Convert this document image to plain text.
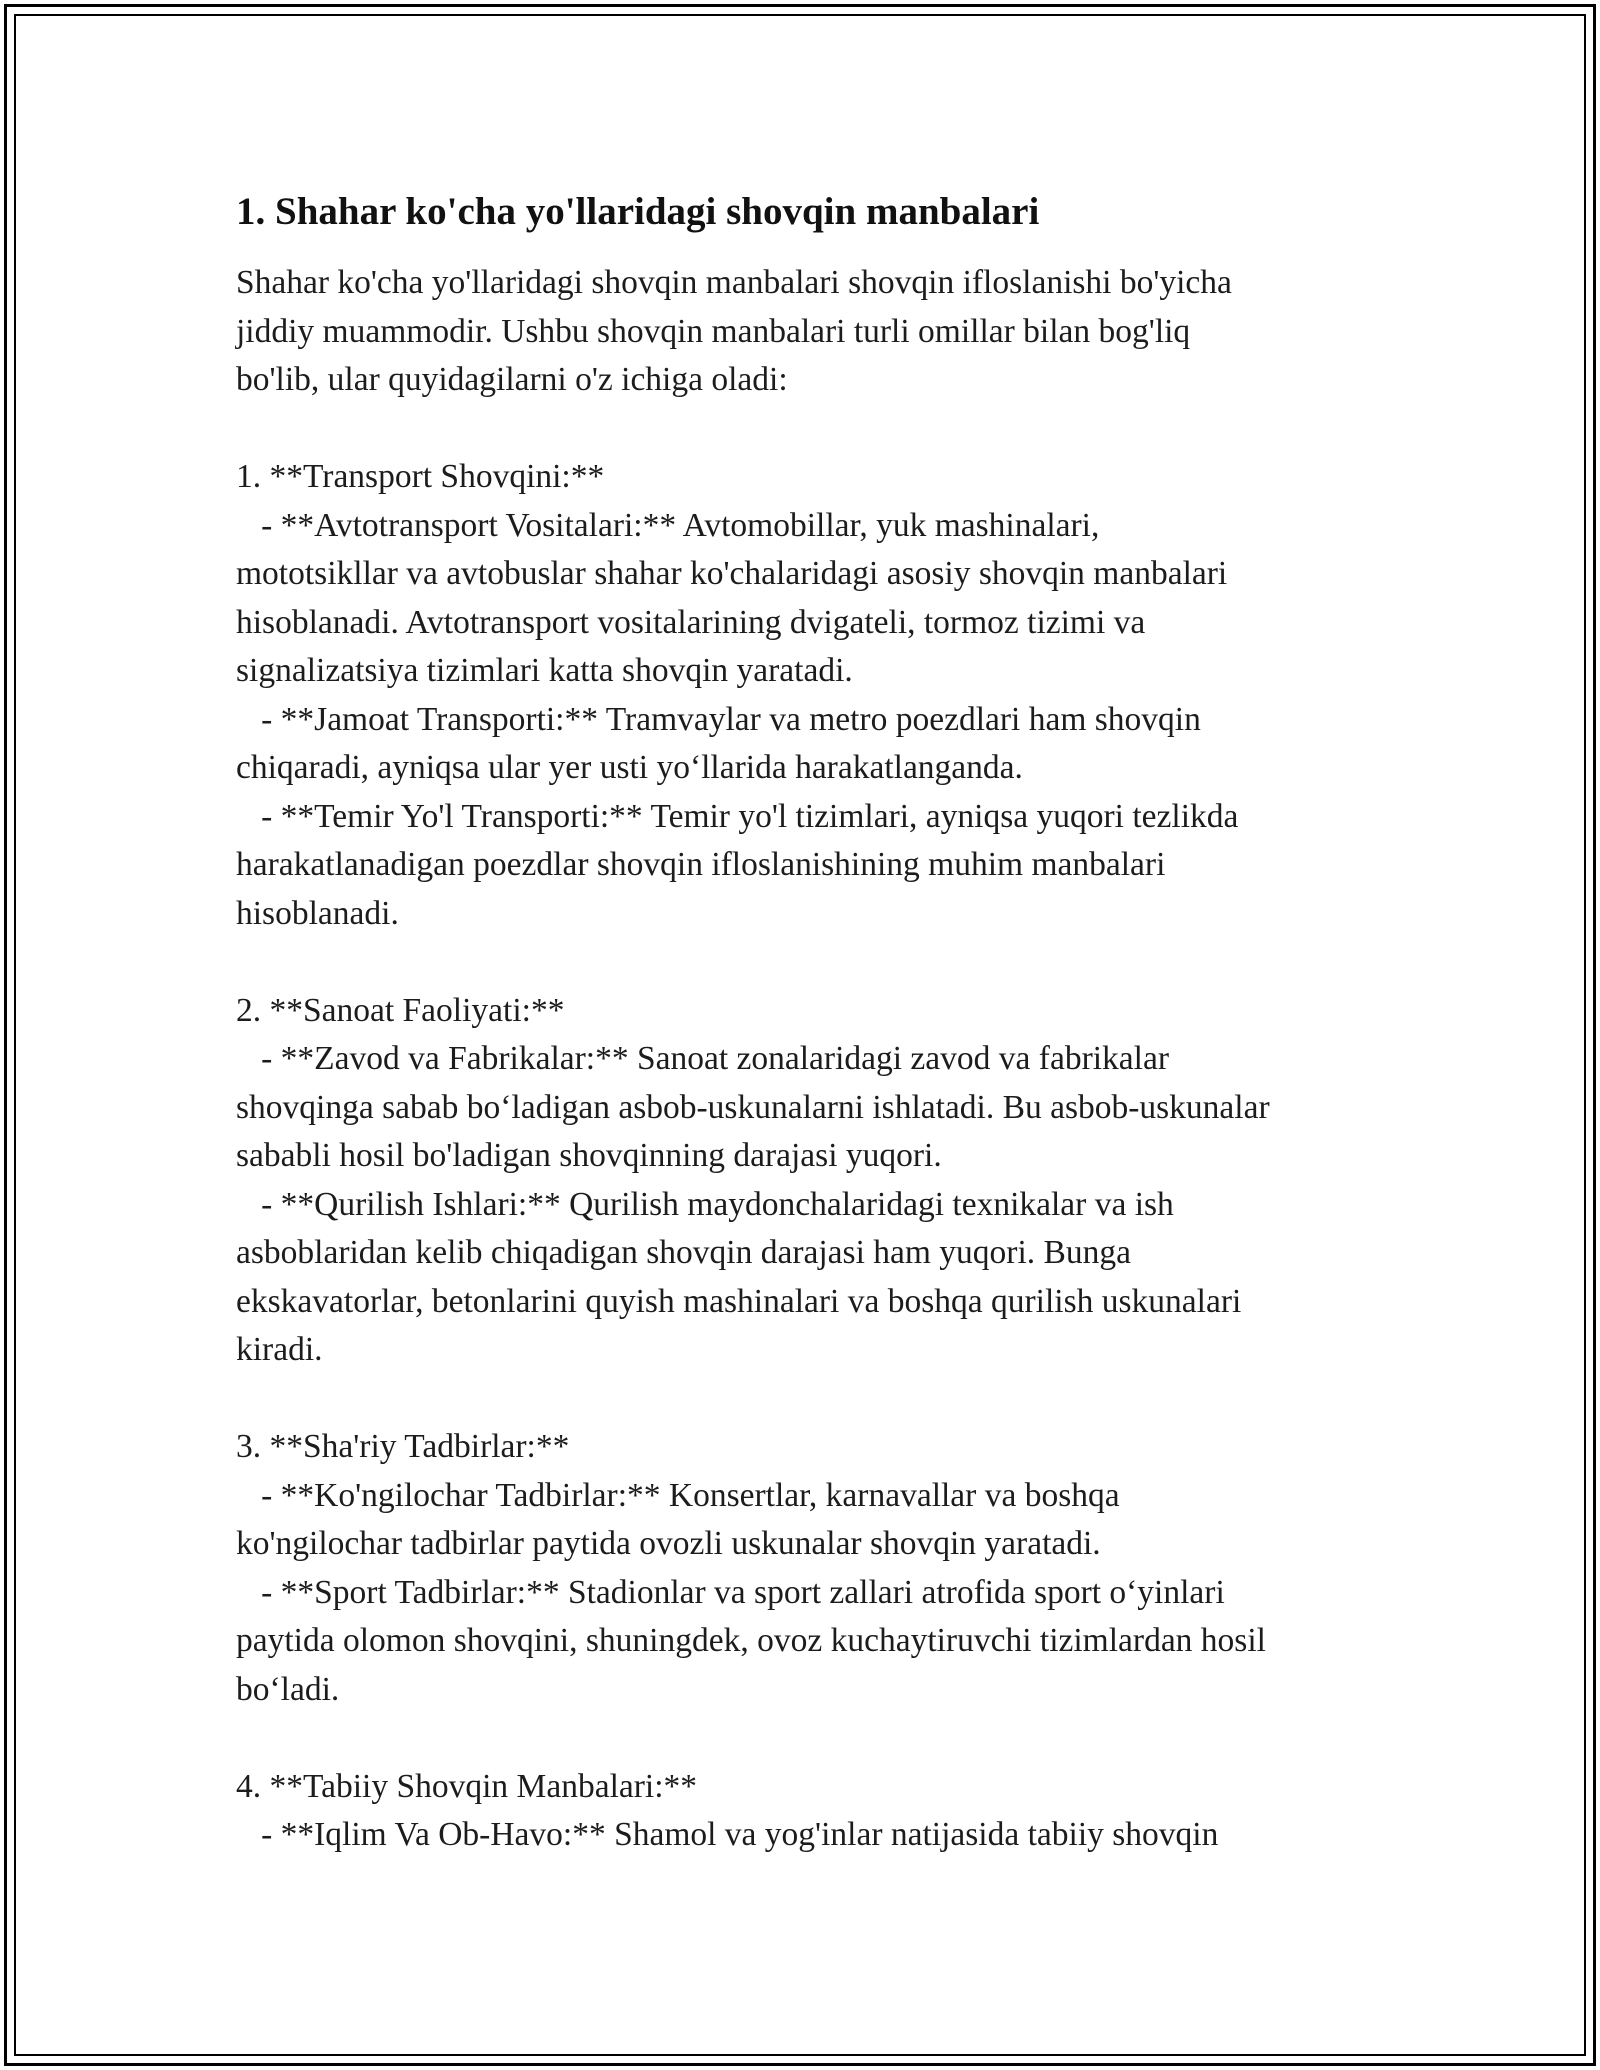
1. Shahar ko'cha yo'llaridagi shovqin manbalari

Shahar ko'cha yo'llaridagi shovqin manbalari shovqin ifloslanishi bo'yicha
jiddiy muammodir. Ushbu shovqin manbalari turli omillar bilan bog'liq
bo'lib, ular quyidagilarni o'z ichiga oladi:

1. **Transport Shovqini:**
- **Avtotransport Vositalari:** Avtomobillar, yuk mashinalari,
mototsikllar va avtobuslar shahar ko'chalaridagi asosiy shovqin manbalari
hisoblanadi. Avtotransport vositalarining dvigateli, tormoz tizimi va
signalizatsiya tizimlari katta shovqin yaratadi.
- **Jamoat Transporti:** Tramvaylar va metro poezdlari ham shovqin
chiqaradi, ayniqsa ular yer usti yo‘llarida harakatlanganda.
- **Temir Yo'l Transporti:** Temir yo'l tizimlari, ayniqsa yuqori tezlikda
harakatlanadigan poezdlar shovqin ifloslanishining muhim manbalari
hisoblanadi.

2. **Sanoat Faoliyati:**
- **Zavod va Fabrikalar:** Sanoat zonalaridagi zavod va fabrikalar
shovqinga sabab bo‘ladigan asbob-uskunalarni ishlatadi. Bu asbob-uskunalar
sababli hosil bo'ladigan shovqinning darajasi yuqori.
- **Qurilish Ishlari:** Qurilish maydonchalaridagi texnikalar va ish
asboblaridan kelib chiqadigan shovqin darajasi ham yuqori. Bunga
ekskavatorlar, betonlarini quyish mashinalari va boshqa qurilish uskunalari
kiradi.

3. **Sha'riy Tadbirlar:**
- **Ko'ngilochar Tadbirlar:** Konsertlar, karnavallar va boshqa
ko'ngilochar tadbirlar paytida ovozli uskunalar shovqin yaratadi.
- **Sport Tadbirlar:** Stadionlar va sport zallari atrofida sport o‘yinlari
paytida olomon shovqini, shuningdek, ovoz kuchaytiruvchi tizimlardan hosil
bo‘ladi.

4. **Tabiiy Shovqin Manbalari:**
- **Iqlim Va Ob-Havo:** Shamol va yog'inlar natijasida tabiiy shovqin
